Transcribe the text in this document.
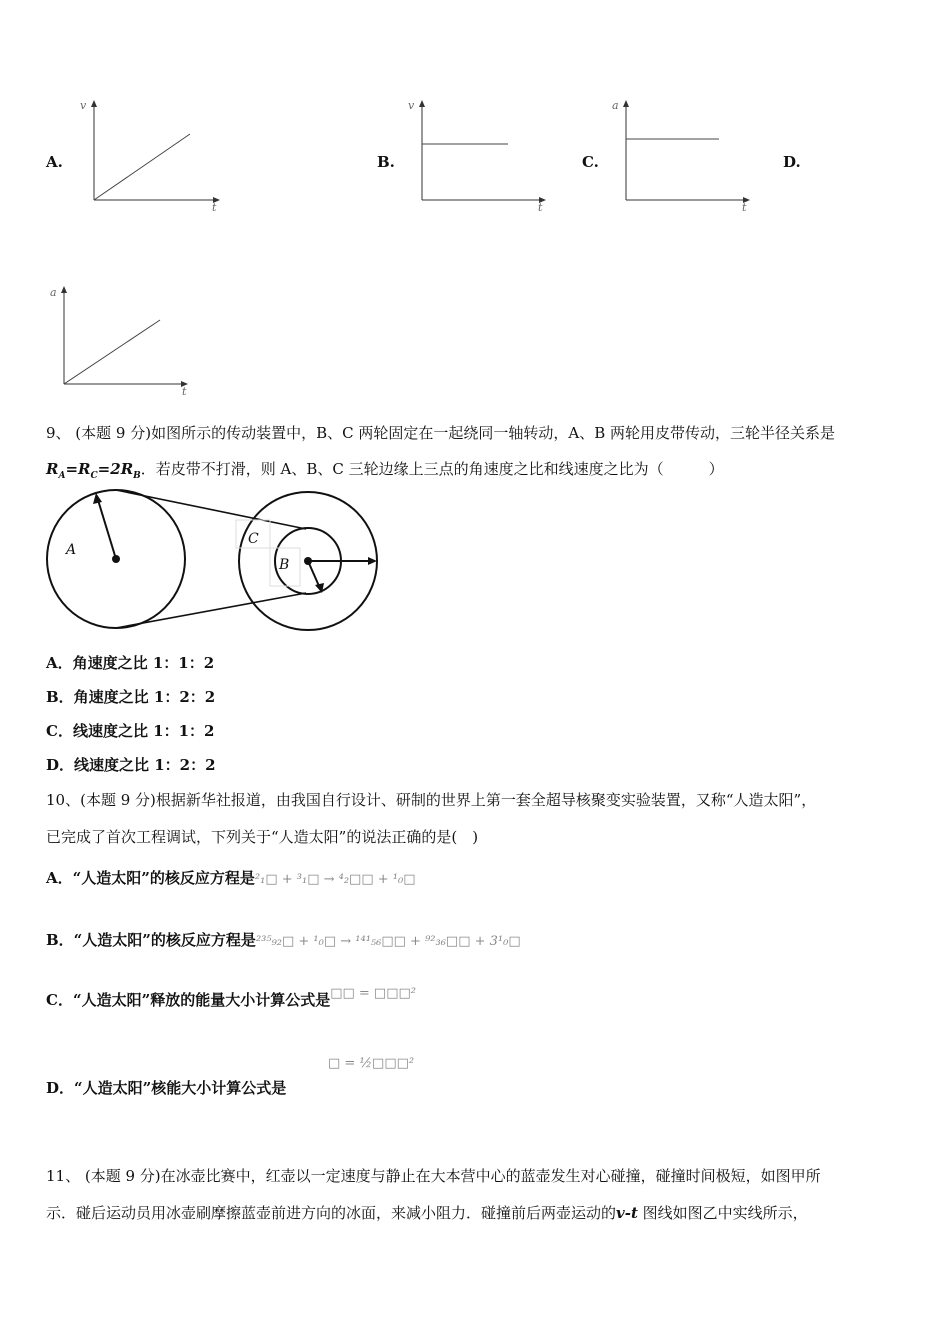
A.
v
t
B.
v
t
C.
a
t
D.
a
t
9、 (本题 9 分)如图所示的传动装置中，B、C 两轮固定在一起绕同一轴转动，A、B 两轮用皮带传动，三轮半径关系是
$R_A=R_C=2R_B$．若皮带不打滑，则 A、B、C 三轮边缘上三点的角速度之比和线速度之比为（　　　）
A
C
B
A．角速度之比 1：1：2
B．角速度之比 1：2：2
C．线速度之比 1：1：2
D．线速度之比 1：2：2
10、(本题 9 分)根据新华社报道，由我国自行设计、研制的世界上第一套全超导核聚变实验装置，又称“人造太阳”，
已完成了首次工程调试，下列关于“人造太阳”的说法正确的是(　)
A．“人造太阳”的核反应方程是²₁□ + ³₁□ → ⁴₂□□ + ¹₀□
B．“人造太阳”的核反应方程是²³⁵₉₂□ + ¹₀□ → ¹⁴¹₅₆□□ + ⁹²₃₆□□ + 3¹₀□
C．“人造太阳”释放的能量大小计算公式是□□ = □□□²
□ = ½□□□²
D．“人造太阳”核能大小计算公式是
11、 (本题 9 分)在冰壶比赛中，红壶以一定速度与静止在大本营中心的蓝壶发生对心碰撞，碰撞时间极短，如图甲所
示．碰后运动员用冰壶刷摩擦蓝壶前进方向的冰面，来减小阻力．碰撞前后两壶运动的v-t 图线如图乙中实线所示，
